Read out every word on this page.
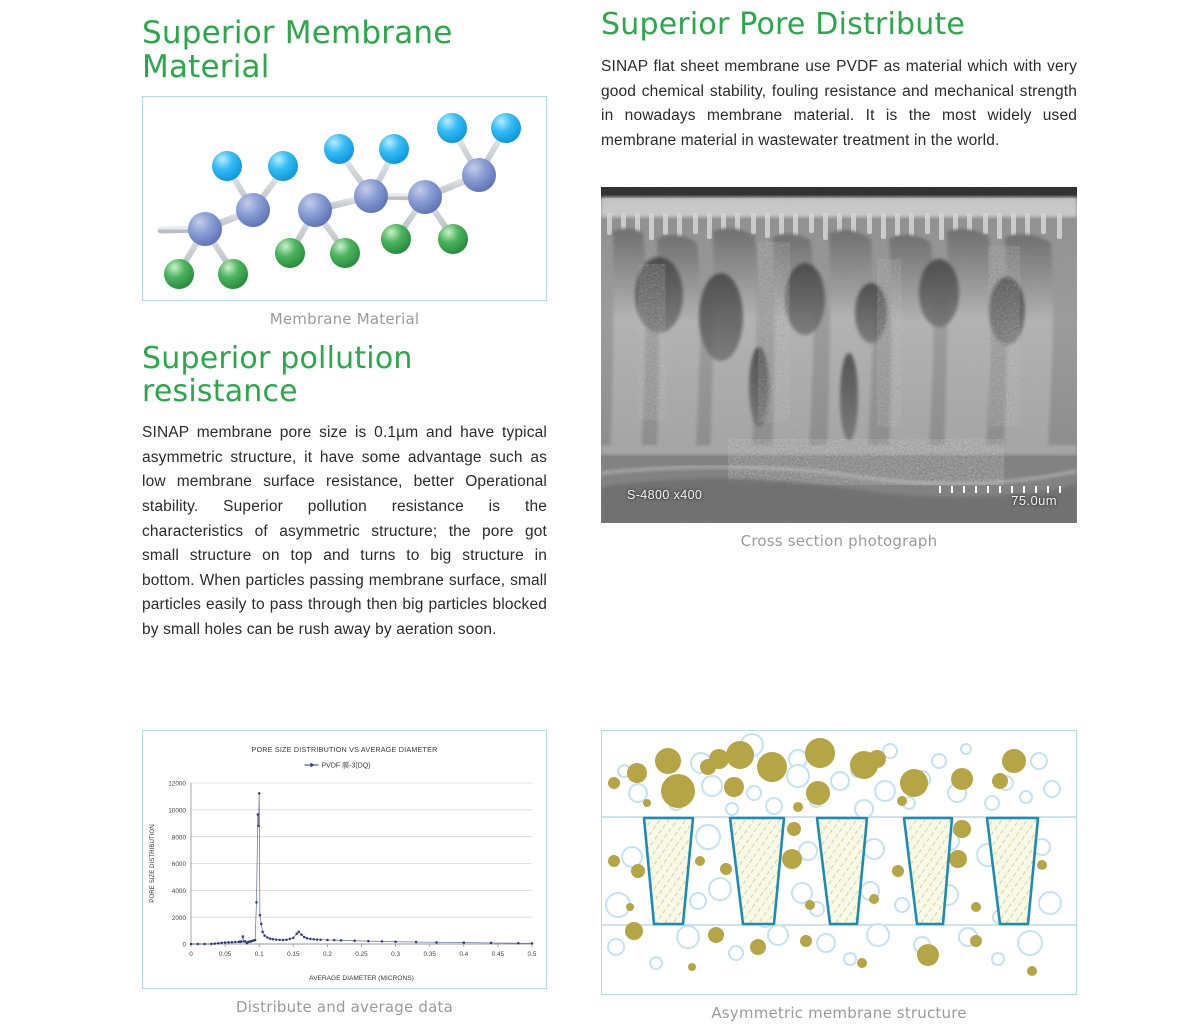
Superior Membrane Material
Membrane Material
Superior pollution resistance

SINAP membrane pore size is 0.1µm and have typical asymmetric structure, it have some advantage such as low membrane surface resistance, better Operational stability. Superior pollution resistance is the characteristics of asymmetric structure; the pore got small structure on top and turns to big structure in bottom. When particles passing membrane surface, small particles easily to pass through then big particles blocked by small holes can be rush away by aeration soon.

Superior Pore Distribute

SINAP flat sheet membrane use PVDF as material which with very good chemical stability, fouling resistance and mechanical strength in nowadays membrane material. It is the most widely used membrane material in wastewater treatment in the world.

S-4800 x400	75.0um
Cross section photograph
PORE SIZE DISTRIBUTION VS AVERAGE DIAMETER
PVDF 膜-3(DQ)
0
2000
4000
6000
8000
10000
12000
0	0.05	0.1	0.15	0.2	0.25	0.3	0.35	0.4	0.45	0.5
AVERAGE DIAMETER (MICRONS)
PORE SIZE DISTRIBUTION
Distribute and average data	Asymmetric membrane structure
